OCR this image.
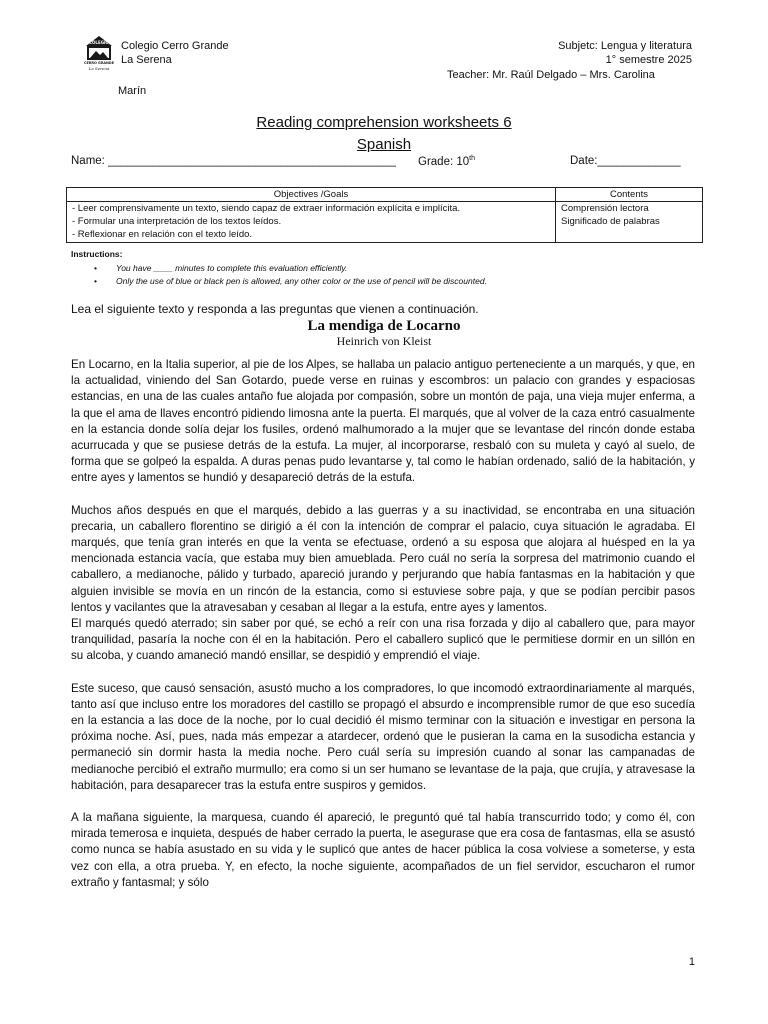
COLEGIO
CERRO GRANDE
La Serena
Colegio Cerro Grande
La Serena
Subjetc: Lengua y literatura
1° semestre 2025
Teacher: Mr. Raúl Delgado – Mrs. Carolina
Marín
Reading comprehension worksheets 6
Spanish
Name: _____________________________________________ Grade: 10th	Date:_____________
Objectives /Goals	Contents
- Leer comprensivamente un texto, siendo capaz de extraer información explícita e implícita.	Comprensión lectora
- Formular una interpretación de los textos leídos.	Significado de palabras
- Reflexionar en relación con el texto leído.	
Instructions:
• You have ____ minutes to complete this evaluation efficiently.
• Only the use of blue or black pen is allowed, any other color or the use of pencil will be discounted.
Lea el siguiente texto y responda a las preguntas que vienen a continuación.
La mendiga de Locarno
Heinrich von Kleist

En Locarno, en la Italia superior, al pie de los Alpes, se hallaba un palacio antiguo perteneciente a un marqués, y que, en la actualidad, viniendo del San Gotardo, puede verse en ruinas y escombros: un palacio con grandes y espaciosas estancias, en una de las cuales antaño fue alojada por compasión, sobre un montón de paja, una vieja mujer enferma, a la que el ama de llaves encontró pidiendo limosna ante la puerta. El marqués, que al volver de la caza entró casualmente en la estancia donde solía dejar los fusiles, ordenó malhumorado a la mujer que se levantase del rincón donde estaba acurrucada y que se pusiese detrás de la estufa. La mujer, al incorporarse, resbaló con su muleta y cayó al suelo, de forma que se golpeó la espalda. A duras penas pudo levantarse y, tal como le habían ordenado, salió de la habitación, y entre ayes y lamentos se hundió y desapareció detrás de la estufa.

Muchos años después en que el marqués, debido a las guerras y a su inactividad, se encontraba en una situación precaria, un caballero florentino se dirigió a él con la intención de comprar el palacio, cuya situación le agradaba. El marqués, que tenía gran interés en que la venta se efectuase, ordenó a su esposa que alojara al huésped en la ya mencionada estancia vacía, que estaba muy bien amueblada. Pero cuál no sería la sorpresa del matrimonio cuando el caballero, a medianoche, pálido y turbado, apareció jurando y perjurando que había fantasmas en la habitación y que alguien invisible se movía en un rincón de la estancia, como si estuviese sobre paja, y que se podían percibir pasos lentos y vacilantes que la atravesaban y cesaban al llegar a la estufa, entre ayes y lamentos.

El marqués quedó aterrado; sin saber por qué, se echó a reír con una risa forzada y dijo al caballero que, para mayor tranquilidad, pasaría la noche con él en la habitación. Pero el caballero suplicó que le permitiese dormir en un sillón en su alcoba, y cuando amaneció mandó ensillar, se despidió y emprendió el viaje.

Este suceso, que causó sensación, asustó mucho a los compradores, lo que incomodó extraordinariamente al marqués, tanto así que incluso entre los moradores del castillo se propagó el absurdo e incomprensible rumor de que eso sucedía en la estancia a las doce de la noche, por lo cual decidió él mismo terminar con la situación e investigar en persona la próxima noche. Así, pues, nada más empezar a atardecer, ordenó que le pusieran la cama en la susodicha estancia y permaneció sin dormir hasta la media noche. Pero cuál sería su impresión cuando al sonar las campanadas de medianoche percibió el extraño murmullo; era como si un ser humano se levantase de la paja, que crujía, y atravesase la habitación, para desaparecer tras la estufa entre suspiros y gemidos.

A la mañana siguiente, la marquesa, cuando él apareció, le preguntó qué tal había transcurrido todo; y como él, con mirada temerosa e inquieta, después de haber cerrado la puerta, le asegurase que era cosa de fantasmas, ella se asustó como nunca se había asustado en su vida y le suplicó que antes de hacer pública la cosa volviese a someterse, y esta vez con ella, a otra prueba. Y, en efecto, la noche siguiente, acompañados de un fiel servidor, escucharon el rumor extraño y fantasmal; y sólo

1
